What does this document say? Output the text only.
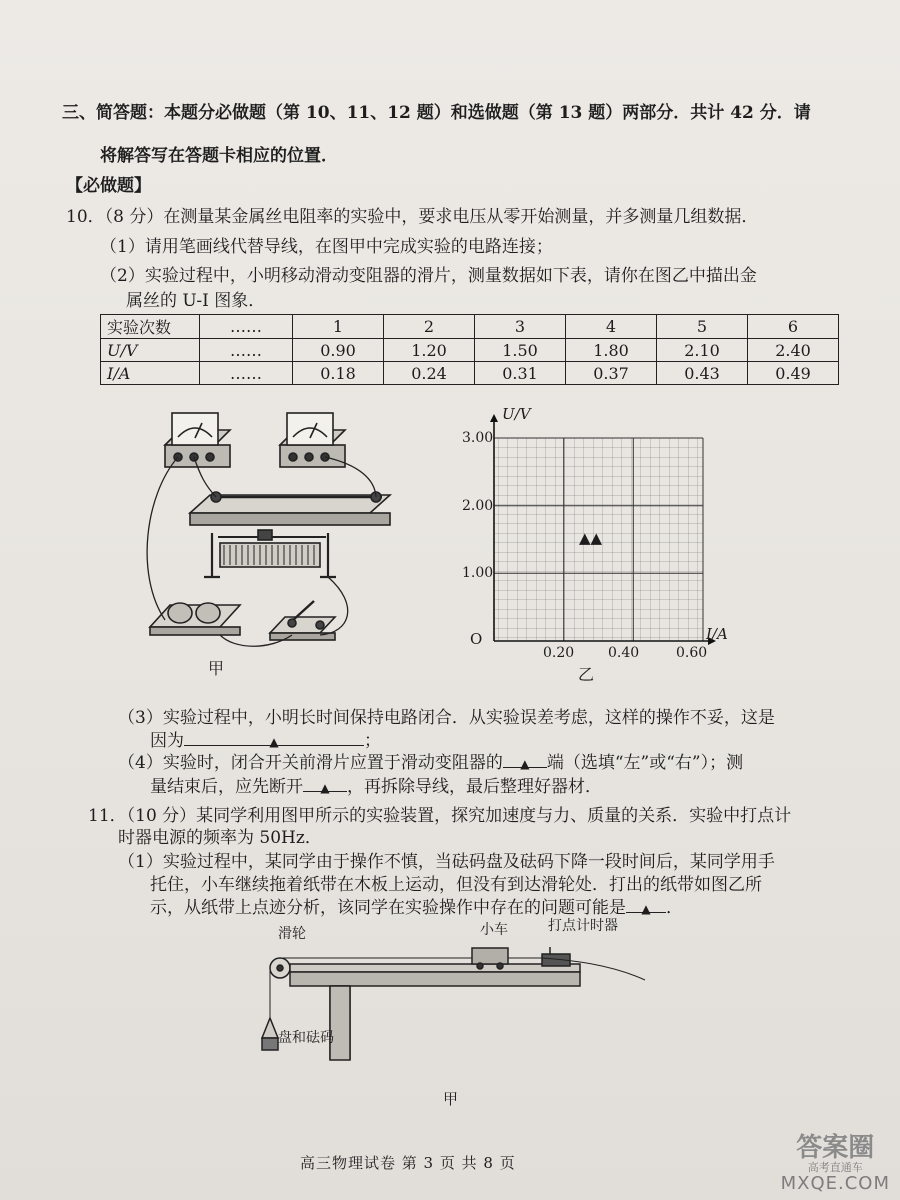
三、简答题：本题分必做题（第 10、11、12 题）和选做题（第 13 题）两部分．共计 42 分．请
将解答写在答题卡相应的位置．
【必做题】
10．（8 分）在测量某金属丝电阻率的实验中，要求电压从零开始测量，并多测量几组数据．
（1）请用笔画线代替导线，在图甲中完成实验的电路连接；
（2）实验过程中，小明移动滑动变阻器的滑片，测量数据如下表，请你在图乙中描出金
属丝的 U-I 图象．
实验次数	……	1	2	3	4	5	6
U/V	……	0.90	1.20	1.50	1.80	2.10	2.40
I/A	……	0.18	0.24	0.31	0.37	0.43	0.49
甲
U/V
3.00
2.00
1.00
O	I/A
0.20 0.40	0.60
▲▲
乙
（3）实验过程中，小明长时间保持电路闭合．从实验误差考虑，这样的操作不妥，这是
因为	▲	；
（4）实验时，闭合开关前滑片应置于滑动变阻器的 ▲ 端（选填“左”或“右”）；测
量结束后，应先断开 ▲ ，再拆除导线，最后整理好器材．
11．（10 分）某同学利用图甲所示的实验装置，探究加速度与力、质量的关系．实验中打点计
时器电源的频率为 50Hz．
（1）实验过程中，某同学由于操作不慎，当砝码盘及砝码下降一段时间后，某同学用手
托住，小车继续拖着纸带在木板上运动，但没有到达滑轮处．打出的纸带如图乙所
示，从纸带上点迹分析，该同学在实验操作中存在的问题可能是 ▲ ．
滑轮	小车	打点计时器
盘和砝码
甲
高三物理试卷 第 3 页 共 8 页
答案圈
高考直通车
MXQE.COM
